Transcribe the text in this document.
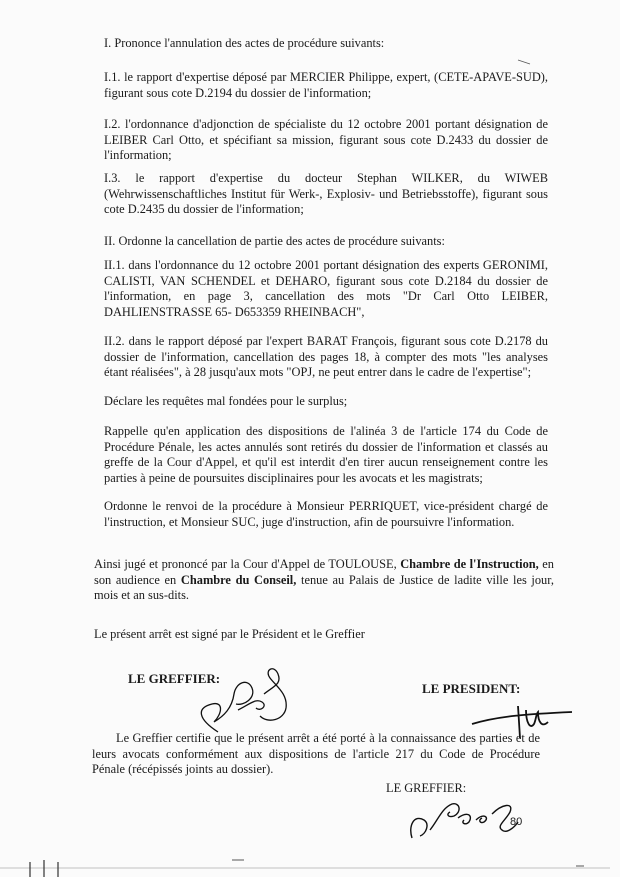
I. Prononce l'annulation des actes de procédure suivants:

I.1. le rapport d'expertise déposé par MERCIER Philippe, expert, (CETE-APAVE-SUD), figurant sous cote D.2194 du dossier de l'information;

I.2. l'ordonnance d'adjonction de spécialiste du 12 octobre 2001 portant désignation de LEIBER Carl Otto, et spécifiant sa mission, figurant sous cote D.2433 du dossier de l'information;

I.3. le rapport d'expertise du docteur Stephan WILKER, du WIWEB (Wehrwissenschaftliches Institut für Werk-, Explosiv- und Betriebsstoffe), figurant sous cote D.2435 du dossier de l'information;

II. Ordonne la cancellation de partie des actes de procédure suivants:

II.1. dans l'ordonnance du 12 octobre 2001 portant désignation des experts GERONIMI, CALISTI, VAN SCHENDEL et DEHARO, figurant sous cote D.2184 du dossier de l'information, en page 3, cancellation des mots "Dr Carl Otto LEIBER, DAHLIENSTRASSE 65- D653359 RHEINBACH",

II.2. dans le rapport déposé par l'expert BARAT François, figurant sous cote D.2178 du dossier de l'information, cancellation des pages 18, à compter des mots "les analyses étant réalisées", à 28 jusqu'aux mots "OPJ, ne peut entrer dans le cadre de l'expertise";

Déclare les requêtes mal fondées pour le surplus;

Rappelle qu'en application des dispositions de l'alinéa 3 de l'article 174 du Code de Procédure Pénale, les actes annulés sont retirés du dossier de l'information et classés au greffe de la Cour d'Appel, et qu'il est interdit d'en tirer aucun renseignement contre les parties à peine de poursuites disciplinaires pour les avocats et les magistrats;

Ordonne le renvoi de la procédure à Monsieur PERRIQUET, vice-président chargé de l'instruction, et Monsieur SUC, juge d'instruction, afin de poursuivre l'information.

Ainsi jugé et prononcé par la Cour d'Appel de TOULOUSE, Chambre de l'Instruction, en son audience en Chambre du Conseil, tenue au Palais de Justice de ladite ville les jour, mois et an sus-dits.

Le présent arrêt est signé par le Président et le Greffier

LE GREFFIER:
LE PRESIDENT:

Le Greffier certifie que le présent arrêt a été porté à la connaissance des parties et de leurs avocats conformément aux dispositions de l'article 217 du Code de Procédure Pénale (récépissés joints au dossier).

LE GREFFIER:
80
